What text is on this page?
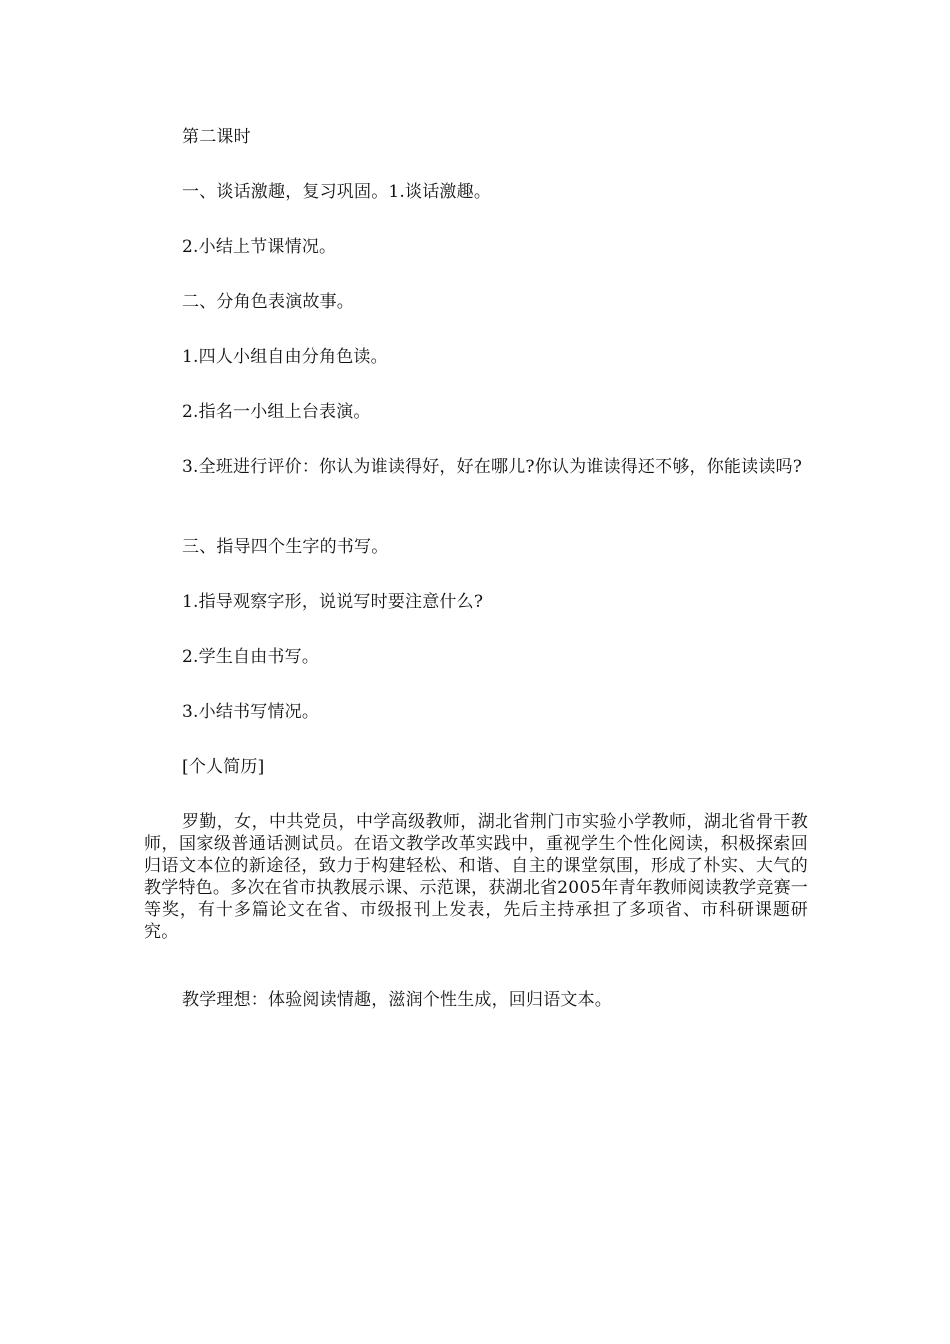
第二课时

一、谈话激趣，复习巩固。1.谈话激趣。

2.小结上节课情况。

二、分角色表演故事。

1.四人小组自由分角色读。

2.指名一小组上台表演。

3.全班进行评价：你认为谁读得好，好在哪儿?你认为谁读得还不够，你能读读吗?

三、指导四个生字的书写。

1.指导观察字形，说说写时要注意什么?

2.学生自由书写。

3.小结书写情况。

[个人简历]

罗勤，女，中共党员，中学高级教师，湖北省荆门市实验小学教师，湖北省骨干教师，国家级普通话测试员。在语文教学改革实践中，重视学生个性化阅读，积极探索回归语文本位的新途径，致力于构建轻松、和谐、自主的课堂氛围，形成了朴实、大气的教学特色。多次在省市执教展示课、示范课，获湖北省2005年青年教师阅读教学竞赛一等奖，有十多篇论文在省、市级报刊上发表，先后主持承担了多项省、市科研课题研究。

教学理想：体验阅读情趣，滋润个性生成，回归语文本。
